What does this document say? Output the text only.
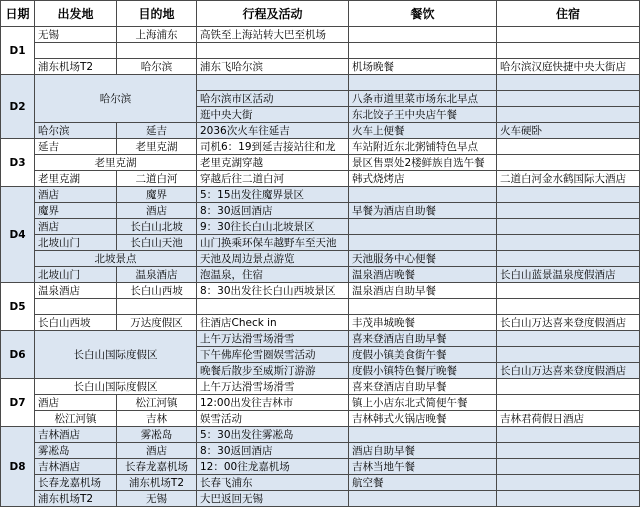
日期	出发地	目的地	行程及活动	餐饮	住宿
D1	无锡	上海浦东	高铁至上海站转大巴至机场		

	浦东机场T2	哈尔滨	浦东飞哈尔滨	机场晚餐	哈尔滨汉庭快捷中央大街店
D2	哈尔滨				
			哈尔滨市区活动	八条市道里菜市场东北早点	
			逛中央大街	东北饺子王中央店午餐	
	哈尔滨	延吉	2036次火车往延吉	火车上便餐	火车硬卧
D3	延吉	老里克湖	司机6：19到延吉接站往和龙	车站附近东北粥铺特色早点	
	老里克湖		老里克湖穿越	景区售票处2楼鲜族自选午餐	
	老里克湖	二道白河	穿越后往二道白河	韩式烧烤店	二道白河金水鹤国际大酒店
D4	酒店	魔界	5：15出发往魔界景区		
	魔界	酒店	8：30返回酒店	早餐为酒店自助餐	
	酒店	长白山北坡	9：30往长白山北坡景区		
	北坡山门	长白山天池	山门换乘环保车越野车至天池		
	北坡景点		天池及周边景点游览	天池服务中心便餐	
	北坡山门	温泉酒店	泡温泉，住宿	温泉酒店晚餐	长白山蓝景温泉度假酒店
D5	温泉酒店	长白山西坡	8：30出发往长白山西坡景区	温泉酒店自助早餐	

	长白山西坡	万达度假区	往酒店Check in	丰茂串城晚餐	长白山万达喜来登度假酒店
D6	长白山国际度假区		上午万达滑雪场滑雪	喜来登酒店自助早餐	
			下午佛库伦雪圈娱雪活动	度假小镇美食街午餐	
			晚餐后散步至威斯汀游游	度假小镇特色餐厅晚餐	长白山万达喜来登度假酒店
D7	长白山国际度假区		上午万达滑雪场滑雪	喜来登酒店自助早餐	
	酒店	松江河镇	12:00出发往吉林市	镇上小店东北式简便午餐	
	松江河镇	吉林	娱雪活动	吉林韩式火锅店晚餐	吉林君荷假日酒店
D8	吉林酒店	雾凇岛	5：30出发往雾凇岛		
	雾凇岛	酒店	8：30返回酒店	酒店自助早餐	
	吉林酒店	长春龙嘉机场	12：00往龙嘉机场	吉林当地午餐	
	长春龙嘉机场	浦东机场T2	长春飞浦东	航空餐	
	浦东机场T2	无锡	大巴返回无锡		
